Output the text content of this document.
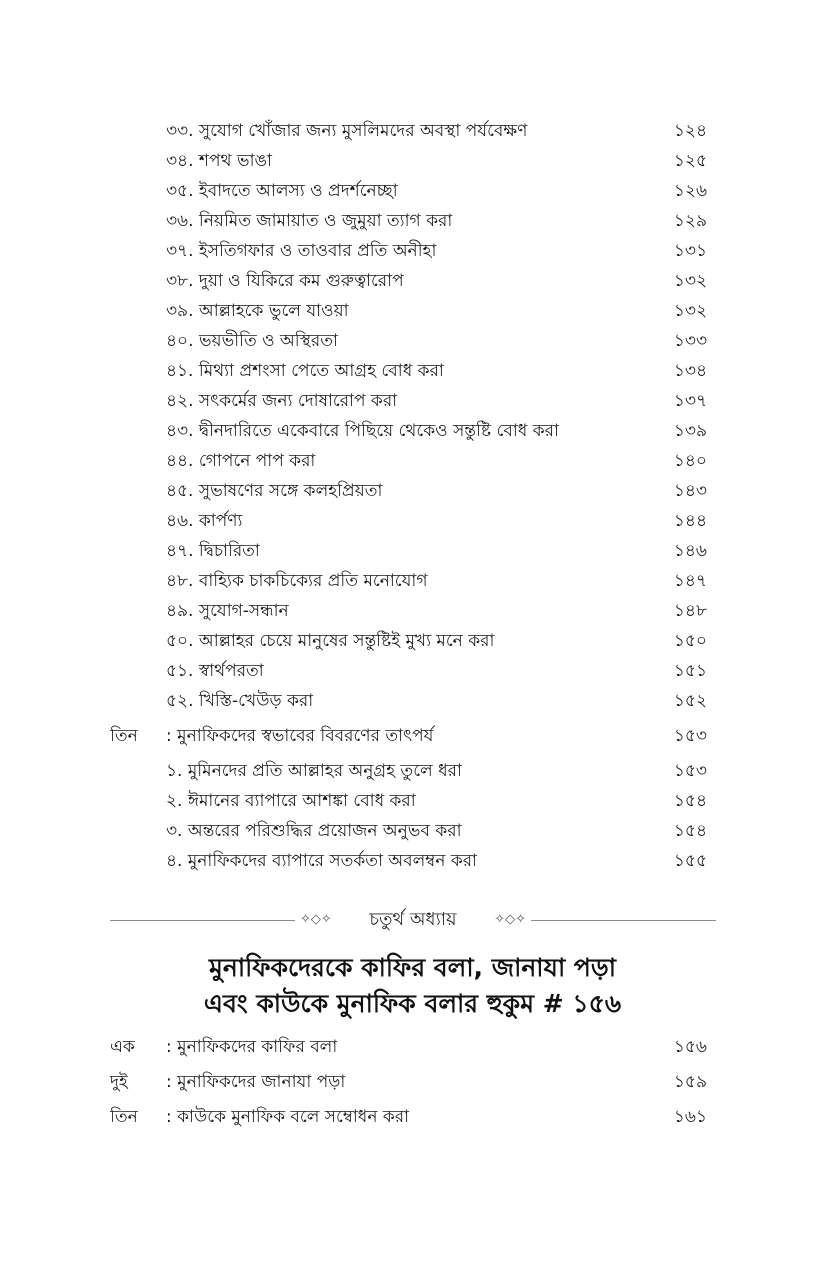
৩৩. সুযোগ খোঁজার জন্য মুসলিমদের অবস্থা পর্যবেক্ষণ	১২৪
৩৪. শপথ ভাঙা	১২৫
৩৫. ইবাদতে আলস্য ও প্রদর্শনেচ্ছা	১২৬
৩৬. নিয়মিত জামায়াত ও জুমুয়া ত্যাগ করা	১২৯
৩৭. ইসতিগফার ও তাওবার প্রতি অনীহা	১৩১
৩৮. দুয়া ও যিকিরে কম গুরুত্বারোপ	১৩২
৩৯. আল্লাহকে ভুলে যাওয়া	১৩২
৪০. ভয়ভীতি ও অস্থিরতা	১৩৩
৪১. মিথ্যা প্রশংসা পেতে আগ্রহ বোধ করা	১৩৪
৪২. সৎকর্মের জন্য দোষারোপ করা	১৩৭
৪৩. দ্বীনদারিতে একেবারে পিছিয়ে থেকেও সন্তুষ্টি বোধ করা	১৩৯
৪৪. গোপনে পাপ করা	১৪০
৪৫. সুভাষণের সঙ্গে কলহপ্রিয়তা	১৪৩
৪৬. কার্পণ্য	১৪৪
৪৭. দ্বিচারিতা	১৪৬
৪৮. বাহ্যিক চাকচিক্যের প্রতি মনোযোগ	১৪৭
৪৯. সুযোগ-সন্ধান	১৪৮
৫০. আল্লাহর চেয়ে মানুষের সন্তুষ্টিই মুখ্য মনে করা	১৫০
৫১. স্বার্থপরতা	১৫১
৫২. খিস্তি-খেউড় করা	১৫২
তিন : মুনাফিকদের স্বভাবের বিবরণের তাৎপর্য	১৫৩
১. মুমিনদের প্রতি আল্লাহর অনুগ্রহ তুলে ধরা	১৫৩
২. ঈমানের ব্যাপারে আশঙ্কা বোধ করা	১৫৪
৩. অন্তরের পরিশুদ্ধির প্রয়োজন অনুভব করা	১৫৪
৪. মুনাফিকদের ব্যাপারে সতর্কতা অবলম্বন করা	১৫৫
✧◇✧	চতুর্থ অধ্যায়	✧◇✧
মুনাফিকদেরকে কাফির বলা, জানাযা পড়া
এবং কাউকে মুনাফিক বলার হুকুম # ১৫৬
এক : মুনাফিকদের কাফির বলা	১৫৬
দুই : মুনাফিকদের জানাযা পড়া	১৫৯
তিন : কাউকে মুনাফিক বলে সম্বোধন করা	১৬১
